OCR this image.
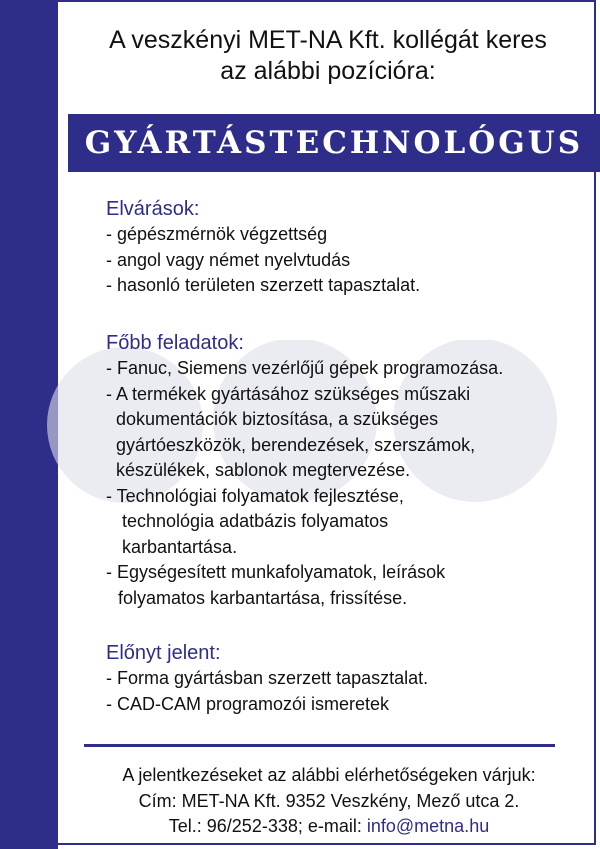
A veszkényi MET-NA Kft. kollégát keres
az alábbi pozícióra:
GYÁRTÁSTECHNOLÓGUS
Elvárások:
- gépészmérnök végzettség
- angol vagy német nyelvtudás
- hasonló területen szerzett tapasztalat.
Főbb feladatok:
- Fanuc, Siemens vezérlőjű gépek programozása.
- A termékek gyártásához szükséges műszaki
dokumentációk biztosítása, a szükséges
gyártóeszközök, berendezések, szerszámok,
készülékek, sablonok megtervezése.
- Technológiai folyamatok fejlesztése,
technológia adatbázis folyamatos
karbantartása.
- Egységesített munkafolyamatok, leírások
folyamatos karbantartása, frissítése.
Előnyt jelent:
- Forma gyártásban szerzett tapasztalat.
- CAD-CAM programozói ismeretek
A jelentkezéseket az alábbi elérhetőségeken várjuk:
Cím: MET-NA Kft. 9352 Veszkény, Mező utca 2.
Tel.: 96/252-338; e-mail: info@metna.hu
